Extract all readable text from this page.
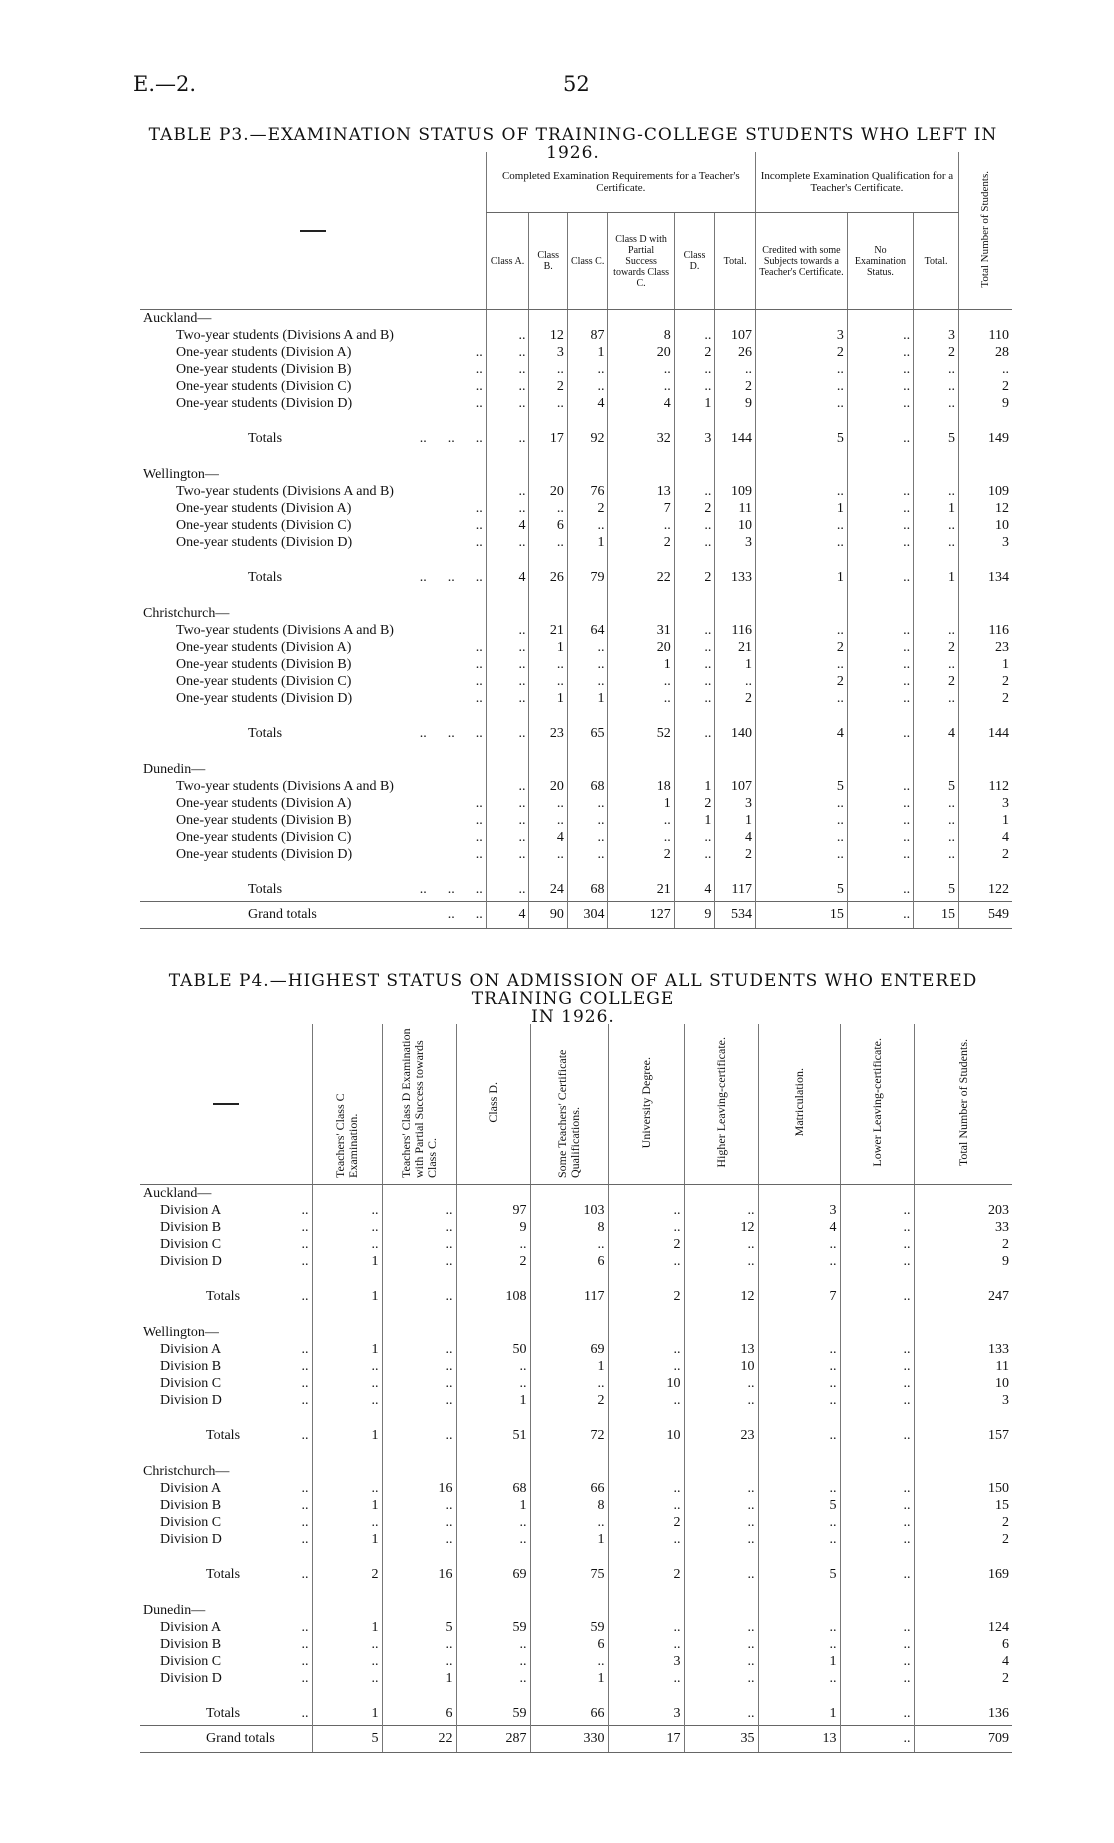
E.—2.	52
TABLE P3.—EXAMINATION STATUS OF TRAINING-COLLEGE STUDENTS WHO LEFT IN 1926.
	Completed Examination Requirements for a Teacher's Certificate.						Incomplete Examination Qualification for a Teacher's Certificate.			Total Number of Students.
	Class A.	Class B.	Class C.	Class D with Partial Success towards Class C.	Class D.	Total.	Credited with some Subjects towards a Teacher's Certificate.	No Examination Status.	Total.	
Auckland—										
Two-year students (Divisions A and B)	..	12	87	8	..	107	3	..	3	110
One-year students (Division A) ..	..	3	1	20	2	26	2	..	2	28
One-year students (Division B) ..	..	..	..	..	..	..	..	..	..	..
One-year students (Division C) ..	..	2	..	..	..	2	..	..	..	2
One-year students (Division D) ..	..	..	4	4	1	9	..	..	..	9

Totals ..      ..      ..	..	17	92	32	3	144	5	..	5	149

Wellington—										
Two-year students (Divisions A and B)	..	20	76	13	..	109	..	..	..	109
One-year students (Division A) ..	..	..	2	7	2	11	1	..	1	12
One-year students (Division C) ..	4	6	..	..	..	10	..	..	..	10
One-year students (Division D) ..	..	..	1	2	..	3	..	..	..	3

Totals ..      ..      ..	4	26	79	22	2	133	1	..	1	134

Christchurch—										
Two-year students (Divisions A and B)	..	21	64	31	..	116	..	..	..	116
One-year students (Division A) ..	..	1	..	20	..	21	2	..	2	23
One-year students (Division B) ..	..	..	..	1	..	1	..	..	..	1
One-year students (Division C) ..	..	..	..	..	..	..	2	..	2	2
One-year students (Division D) ..	..	1	1	..	..	2	..	..	..	2

Totals ..      ..      ..	..	23	65	52	..	140	4	..	4	144

Dunedin—										
Two-year students (Divisions A and B)	..	20	68	18	1	107	5	..	5	112
One-year students (Division A) ..	..	..	..	1	2	3	..	..	..	3
One-year students (Division B) ..	..	..	..	..	1	1	..	..	..	1
One-year students (Division C) ..	..	4	..	..	..	4	..	..	..	4
One-year students (Division D) ..	..	..	..	2	..	2	..	..	..	2

Totals ..      ..      ..	..	24	68	21	4	117	5	..	5	122
Grand totals ..      ..	4	90	304	127	9	534	15	..	15	549
TABLE P4.—HIGHEST STATUS ON ADMISSION OF ALL STUDENTS WHO ENTERED TRAINING COLLEGE
IN 1926.
	Teachers' Class C Examination.	Teachers' Class D Examination with Partial Success towards Class C.	Class D.	Some Teachers' Certificate Qualifications.	University Degree.	Higher Leaving-certificate.	Matriculation.	Lower Leaving-certificate.	Total Number of Students.
Auckland—									
Division A ..	..	..	97	103	..	..	3	..	203
Division B ..	..	..	9	8	..	12	4	..	33
Division C ..	..	..	..	..	2	..	..	..	2
Division D ..	1	..	2	6	..	..	..	..	9

Totals ..	1	..	108	117	2	12	7	..	247

Wellington—									
Division A ..	1	..	50	69	..	13	..	..	133
Division B ..	..	..	..	1	..	10	..	..	11
Division C ..	..	..	..	..	10	..	..	..	10
Division D ..	..	..	1	2	..	..	..	..	3

Totals ..	1	..	51	72	10	23	..	..	157

Christchurch—									
Division A ..	..	16	68	66	..	..	..	..	150
Division B ..	1	..	1	8	..	..	5	..	15
Division C ..	..	..	..	..	2	..	..	..	2
Division D ..	1	..	..	1	..	..	..	..	2

Totals ..	2	16	69	75	2	..	5	..	169

Dunedin—									
Division A ..	1	5	59	59	..	..	..	..	124
Division B ..	..	..	..	6	..	..	..	..	6
Division C ..	..	..	..	..	3	..	1	..	4
Division D ..	..	1	..	1	..	..	..	..	2

Totals ..	1	6	59	66	3	..	1	..	136
Grand totals	5	22	287	330	17	35	13	..	709
